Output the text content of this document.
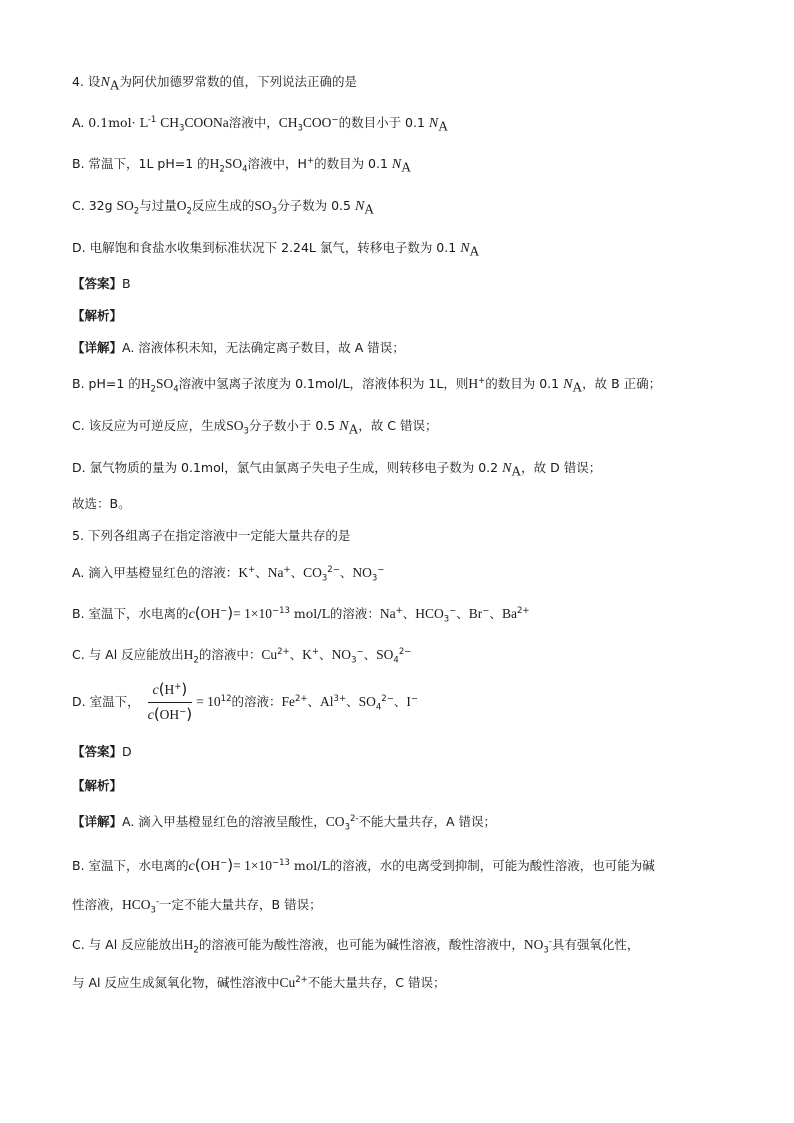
4. 设$N_A$为阿伏加德罗常数的值，下列说法正确的是
A. $0.1mol\cdot L^{-1}$ $CH_3COONa$溶液中，$CH_3COO^-$的数目小于 0.1 $N_A$
B. 常温下，1L pH=1 的$H_2SO_4$溶液中，H+的数目为 0.1 $N_A$
C. 32g $SO_2$与过量$O_2$反应生成的$SO_3$分子数为 0.5 $N_A$
D. 电解饱和食盐水收集到标准状况下 2.24L 氯气，转移电子数为 0.1 $N_A$
【答案】B
【解析】
【详解】A. 溶液体积未知，无法确定离子数目，故 A 错误；
B. pH=1 的$H_2SO_4$溶液中氢离子浓度为 0.1mol/L，溶液体积为 1L，则H+的数目为 0.1 $N_A$，故 B 正确；
C. 该反应为可逆反应，生成$SO_3$分子数小于 0.5 $N_A$，故 C 错误；
D. 氯气物质的量为 0.1mol，氯气由氯离子失电子生成，则转移电子数为 0.2 $N_A$，故 D 错误；
故选：B。
5. 下列各组离子在指定溶液中一定能大量共存的是
A. 滴入甲基橙显红色的溶液：K+、Na+、$CO_3^{2-}$、$NO_3^-$
B. 室温下，水电离的$c(OH^-)= 1\times 10^{-13}$ mol/L的溶液：Na+、$HCO_3^-$、Br−、$Ba^{2+}$
C. 与 Al 反应能放出$H_2$的溶液中：$Cu^{2+}$、K+、$NO_3^-$、$SO_4^{2-}$
D. 室温下， $\frac{c(H^+)}{c(OH^-)} = 10^{12}$的溶液：$Fe^{2+}$、$Al^{3+}$、$SO_4^{2-}$、I−
【答案】D
【解析】
【详解】A. 滴入甲基橙显红色的溶液呈酸性，$CO_3^{2-}$不能大量共存，A 错误；
B. 室温下，水电离的$c(OH^-)= 1\times 10^{-13}$ mol/L的溶液，水的电离受到抑制，可能为酸性溶液，也可能为碱
性溶液，$HCO_3^-$一定不能大量共存，B 错误；
C. 与 Al 反应能放出$H_2$的溶液可能为酸性溶液，也可能为碱性溶液，酸性溶液中，$NO_3^-$具有强氧化性，
与 Al 反应生成氮氧化物，碱性溶液中$Cu^{2+}$不能大量共存，C 错误；
